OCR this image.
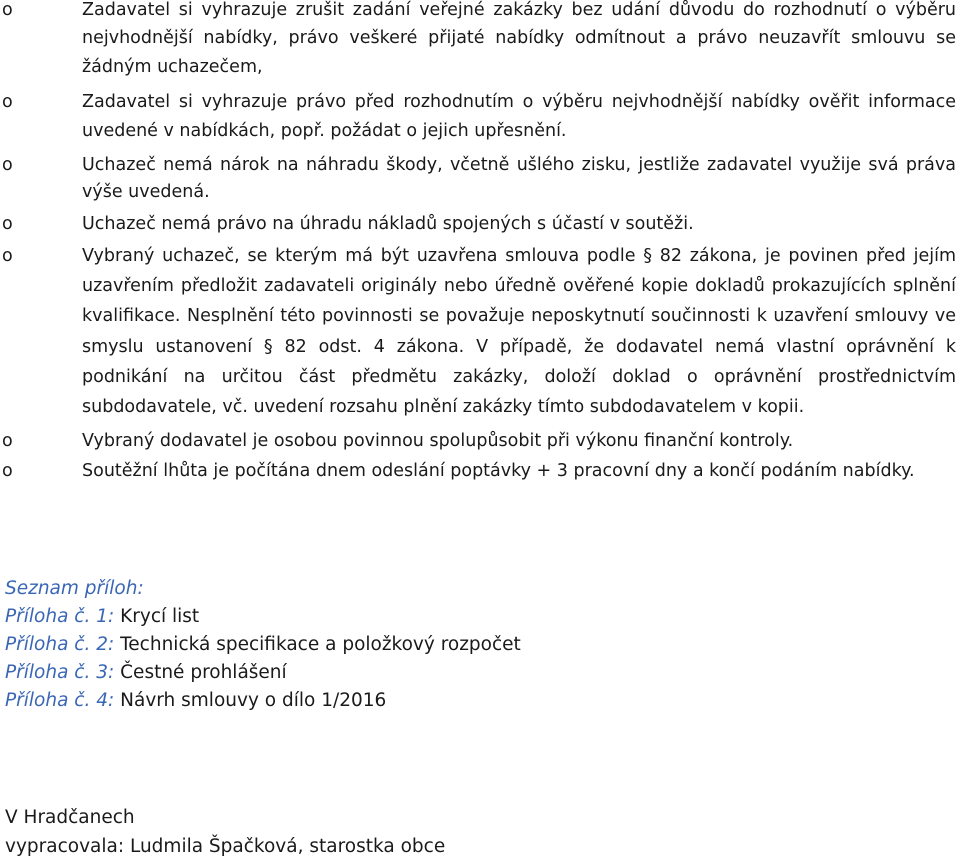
o	Zadavatel si vyhrazuje zrušit zadání veřejné zakázky bez udání důvodu do rozhodnutí o výběru nejvhodnější nabídky, právo veškeré přijaté nabídky odmítnout a právo neuzavřít smlouvu se žádným uchazečem,
o	Zadavatel si vyhrazuje právo před rozhodnutím o výběru nejvhodnější nabídky ověřit informace uvedené v nabídkách, popř. požádat o jejich upřesnění.
o	Uchazeč nemá nárok na náhradu škody, včetně ušlého zisku, jestliže zadavatel využije svá práva výše uvedená.
o	Uchazeč nemá právo na úhradu nákladů spojených s účastí v soutěži.
o	Vybraný uchazeč, se kterým má být uzavřena smlouva podle § 82 zákona, je povinen před jejím uzavřením předložit zadavateli originály nebo úředně ověřené kopie dokladů prokazujících splnění kvalifikace. Nesplnění této povinnosti se považuje neposkytnutí součinnosti k uzavření smlouvy ve smyslu ustanovení § 82 odst. 4 zákona. V případě, že dodavatel nemá vlastní oprávnění k podnikání na určitou část předmětu zakázky, doloží doklad o oprávnění prostřednictvím subdodavatele, vč. uvedení rozsahu plnění zakázky tímto subdodavatelem v kopii.
o	Vybraný dodavatel je osobou povinnou spolupůsobit při výkonu finanční kontroly.
o	Soutěžní lhůta je počítána dnem odeslání poptávky + 3 pracovní dny a končí podáním nabídky.
Seznam příloh:
Příloha č. 1: Krycí list
Příloha č. 2: Technická specifikace a položkový rozpočet
Příloha č. 3: Čestné prohlášení
Příloha č. 4: Návrh smlouvy o dílo 1/2016
V Hradčanech
vypracovala: Ludmila Špačková, starostka obce
